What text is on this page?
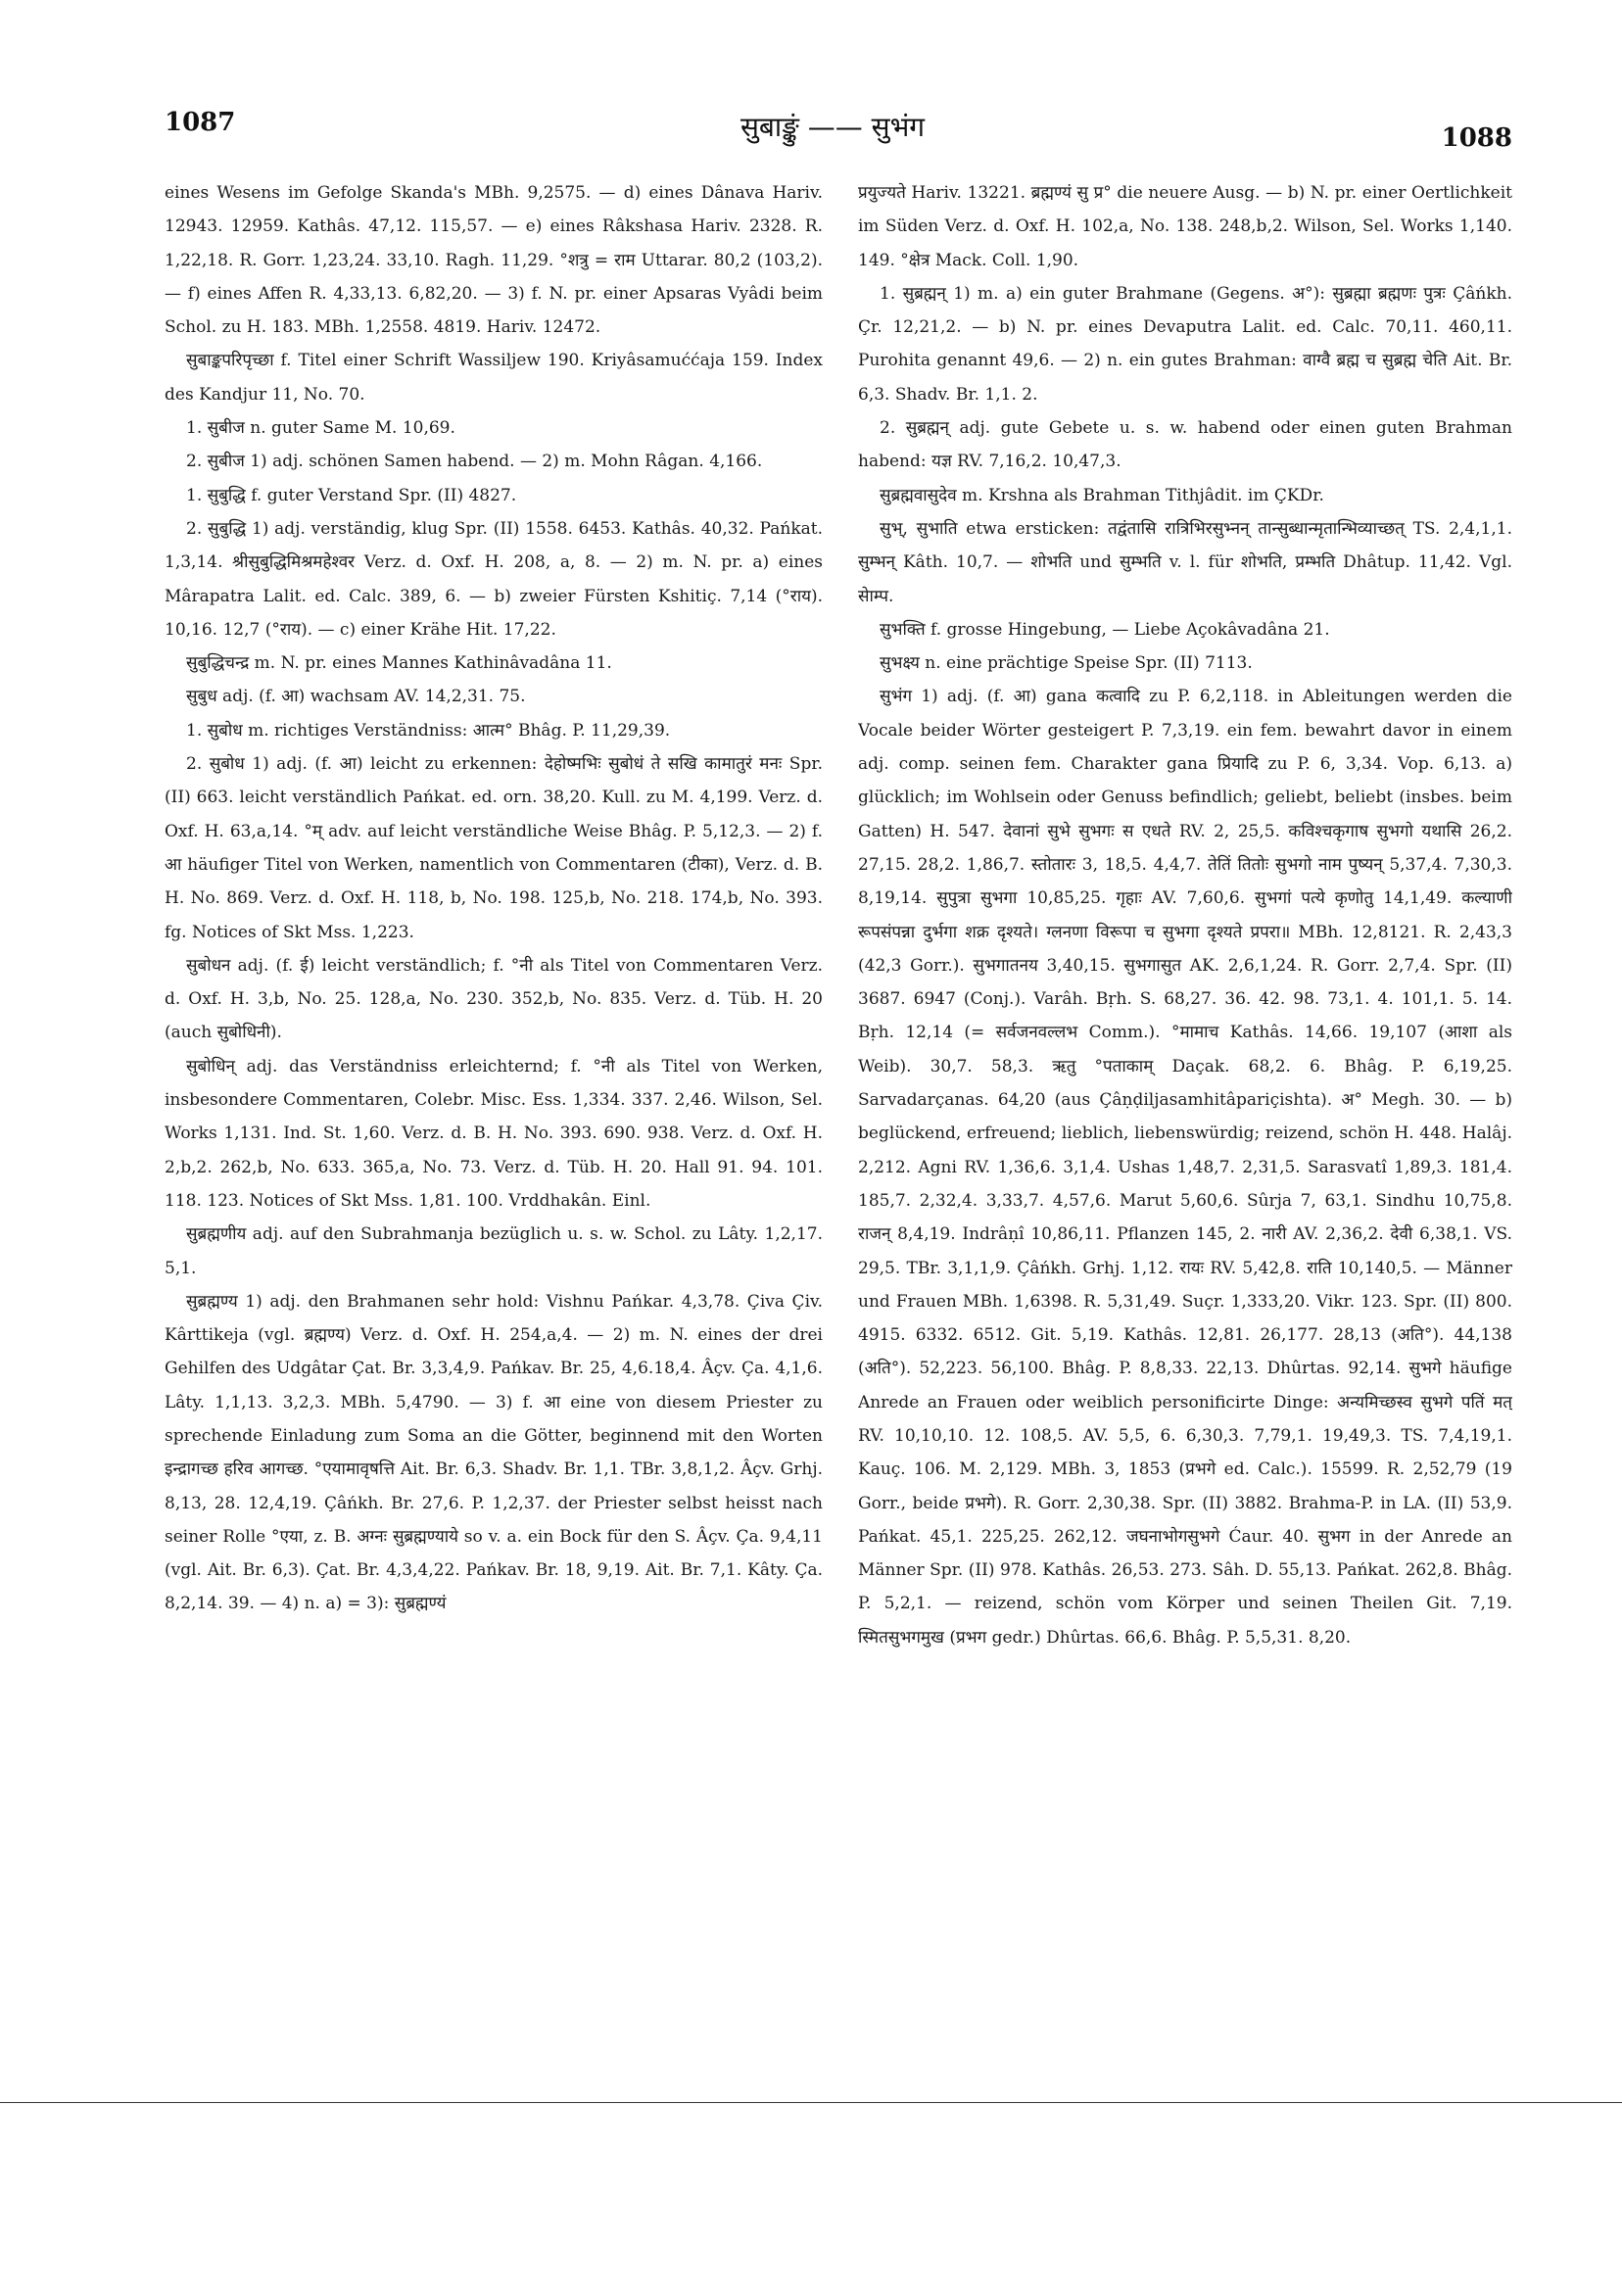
1087	सुबाङ्कुं —— सुभंग	1088

eines Wesens im Gefolge Skanda's MBh. 9,2575. — d) eines Dânava Hariv. 12943. 12959. Kathâs. 47,12. 115,57. — e) eines Râkshasa Hariv. 2328. R. 1,22,18. R. Gorr. 1,23,24. 33,10. Ragh. 11,29. °शत्रु = राम Uttarar. 80,2 (103,2). — f) eines Affen R. 4,33,13. 6,82,20. — 3) f. N. pr. einer Apsaras Vyâdi beim Schol. zu H. 183. MBh. 1,2558. 4819. Hariv. 12472.

सुबाङ्कपरिपृच्छा f. Titel einer Schrift Wassiljew 190. Kriyâsamuććaja 159. Index des Kandjur 11, No. 70.

1. सुबीज n. guter Same M. 10,69.

2. सुबीज 1) adj. schönen Samen habend. — 2) m. Mohn Râgan. 4,166.

1. सुबुद्धि f. guter Verstand Spr. (II) 4827.

2. सुबुद्धि 1) adj. verständig, klug Spr. (II) 1558. 6453. Kathâs. 40,32. Pańkat. 1,3,14. श्रीसुबुद्धिमिश्रमहेश्वर Verz. d. Oxf. H. 208, a, 8. — 2) m. N. pr. a) eines Mârapatra Lalit. ed. Calc. 389, 6. — b) zweier Fürsten Kshitiç. 7,14 (°राय). 10,16. 12,7 (°राय). — c) einer Krähe Hit. 17,22.

सुबुद्धिचन्द्र m. N. pr. eines Mannes Kathinâvadâna 11.

सुबुध adj. (f. आ) wachsam AV. 14,2,31. 75.

1. सुबोध m. richtiges Verständniss: आत्म° Bhâg. P. 11,29,39.

2. सुबोध 1) adj. (f. आ) leicht zu erkennen: देहोष्मभिः सुबोधं ते सखि कामातुरं मनः Spr. (II) 663. leicht verständlich Pańkat. ed. orn. 38,20. Kull. zu M. 4,199. Verz. d. Oxf. H. 63,a,14. °म् adv. auf leicht verständliche Weise Bhâg. P. 5,12,3. — 2) f. आ häufiger Titel von Werken, namentlich von Commentaren (टीका), Verz. d. B. H. No. 869. Verz. d. Oxf. H. 118, b, No. 198. 125,b, No. 218. 174,b, No. 393. fg. Notices of Skt Mss. 1,223.

सुबोधन adj. (f. ई) leicht verständlich; f. °नी als Titel von Commentaren Verz. d. Oxf. H. 3,b, No. 25. 128,a, No. 230. 352,b, No. 835. Verz. d. Tüb. H. 20 (auch सुबोधिनी).

सुबोधिन् adj. das Verständniss erleichternd; f. °नी als Titel von Werken, insbesondere Commentaren, Colebr. Misc. Ess. 1,334. 337. 2,46. Wilson, Sel. Works 1,131. Ind. St. 1,60. Verz. d. B. H. No. 393. 690. 938. Verz. d. Oxf. H. 2,b,2. 262,b, No. 633. 365,a, No. 73. Verz. d. Tüb. H. 20. Hall 91. 94. 101. 118. 123. Notices of Skt Mss. 1,81. 100. Vrddhakân. Einl.

सुब्रह्मणीय adj. auf den Subrahmanja bezüglich u. s. w. Schol. zu Lâty. 1,2,17. 5,1.

सुब्रह्मण्य 1) adj. den Brahmanen sehr hold: Vishnu Pańkar. 4,3,78. Çiva Çiv. Kârttikeja (vgl. ब्रह्मण्य) Verz. d. Oxf. H. 254,a,4. — 2) m. N. eines der drei Gehilfen des Udgâtar Çat. Br. 3,3,4,9. Pańkav. Br. 25, 4,6.18,4. Âçv. Ça. 4,1,6. Lâty. 1,1,13. 3,2,3. MBh. 5,4790. — 3) f. आ eine von diesem Priester zu sprechende Einladung zum Soma an die Götter, beginnend mit den Worten इन्द्रागच्छ हरिव आगच्छ. °एयामावृषत्ति Ait. Br. 6,3. Shadv. Br. 1,1. TBr. 3,8,1,2. Âçv. Grhj. 8,13, 28. 12,4,19. Çâńkh. Br. 27,6. P. 1,2,37. der Priester selbst heisst nach seiner Rolle °एया, z. B. अग्नः सुब्रह्मण्याये so v. a. ein Bock für den S. Âçv. Ça. 9,4,11 (vgl. Ait. Br. 6,3). Çat. Br. 4,3,4,22. Pańkav. Br. 18, 9,19. Ait. Br. 7,1. Kâty. Ça. 8,2,14. 39. — 4) n. a) = 3): सुब्रह्मण्यं

प्रयुज्यते Hariv. 13221. ब्रह्मण्यं सु प्र° die neuere Ausg. — b) N. pr. einer Oertlichkeit im Süden Verz. d. Oxf. H. 102,a, No. 138. 248,b,2. Wilson, Sel. Works 1,140. 149. °क्षेत्र Mack. Coll. 1,90.

1. सुब्रह्मन् 1) m. a) ein guter Brahmane (Gegens. अ°): सुब्रह्मा ब्रह्मणः पुत्रः Çâńkh. Çr. 12,21,2. — b) N. pr. eines Devaputra Lalit. ed. Calc. 70,11. 460,11. Purohita genannt 49,6. — 2) n. ein gutes Brahman: वाग्वै ब्रह्म च सुब्रह्म चेति Ait. Br. 6,3. Shadv. Br. 1,1. 2.

2. सुब्रह्मन् adj. gute Gebete u. s. w. habend oder einen guten Brahman habend: यज्ञ RV. 7,16,2. 10,47,3.

सुब्रह्मवासुदेव m. Krshna als Brahman Tithjâdit. im ÇKDr.

सुभ्, सुभाति etwa ersticken: तद्वंतासि रात्रिभिरसुभ्नन् तान्सुब्धान्मृतान्भिव्याच्छत् TS. 2,4,1,1. सुम्भन् Kâth. 10,7. — शोभति und सुम्भति v. l. für शोभति, प्रम्भति Dhâtup. 11,42. Vgl. सेाम्प.

सुभक्ति f. grosse Hingebung, — Liebe Açokâvadâna 21.

सुभक्ष्य n. eine prächtige Speise Spr. (II) 7113.

सुभंग 1) adj. (f. आ) gana कत्वादि zu P. 6,2,118. in Ableitungen werden die Vocale beider Wörter gesteigert P. 7,3,19. ein fem. bewahrt davor in einem adj. comp. seinen fem. Charakter gana प्रियादि zu P. 6, 3,34. Vop. 6,13. a) glücklich; im Wohlsein oder Genuss befindlich; geliebt, beliebt (insbes. beim Gatten) H. 547. देवानां सुभे सुभगः स एधते RV. 2, 25,5. कविश्चकृगाष सुभगो यथासि 26,2. 27,15. 28,2. 1,86,7. स्तोतारः 3, 18,5. 4,4,7. तेतिं तितोः सुभगो नाम पुष्यन् 5,37,4. 7,30,3. 8,19,14. सुपुत्रा सुभगा 10,85,25. गृहाः AV. 7,60,6. सुभगां पत्ये कृणोतु 14,1,49. कल्याणी रूपसंपन्ना दुर्भगा शक्र दृश्यते। ग्लनणा विरूपा च सुभगा दृश्यते प्रपरा॥ MBh. 12,8121. R. 2,43,3 (42,3 Gorr.). सुभगातनय 3,40,15. सुभगासुत AK. 2,6,1,24. R. Gorr. 2,7,4. Spr. (II) 3687. 6947 (Conj.). Varâh. Bṛh. S. 68,27. 36. 42. 98. 73,1. 4. 101,1. 5. 14. Bṛh. 12,14 (= सर्वजनवल्लभ Comm.). °मामाच Kathâs. 14,66. 19,107 (आशा als Weib). 30,7. 58,3. ऋतु °पताकाम् Daçak. 68,2. 6. Bhâg. P. 6,19,25. Sarvadarçanas. 64,20 (aus Çâṇḍiljasamhitâpariçishta). अ° Megh. 30. — b) beglückend, erfreuend; lieblich, liebenswürdig; reizend, schön H. 448. Halâj. 2,212. Agni RV. 1,36,6. 3,1,4. Ushas 1,48,7. 2,31,5. Sarasvatî 1,89,3. 181,4. 185,7. 2,32,4. 3,33,7. 4,57,6. Marut 5,60,6. Sûrja 7, 63,1. Sindhu 10,75,8. राजन् 8,4,19. Indrâṇî 10,86,11. Pflanzen 145, 2. नारी AV. 2,36,2. देवी 6,38,1. VS. 29,5. TBr. 3,1,1,9. Çâńkh. Grhj. 1,12. रायः RV. 5,42,8. राति 10,140,5. — Männer und Frauen MBh. 1,6398. R. 5,31,49. Suçr. 1,333,20. Vikr. 123. Spr. (II) 800. 4915. 6332. 6512. Git. 5,19. Kathâs. 12,81. 26,177. 28,13 (अति°). 44,138 (अति°). 52,223. 56,100. Bhâg. P. 8,8,33. 22,13. Dhûrtas. 92,14. सुभगे häufige Anrede an Frauen oder weiblich personificirte Dinge: अन्यमिच्छस्व सुभगे पतिं मत् RV. 10,10,10. 12. 108,5. AV. 5,5, 6. 6,30,3. 7,79,1. 19,49,3. TS. 7,4,19,1. Kauç. 106. M. 2,129. MBh. 3, 1853 (प्रभगे ed. Calc.). 15599. R. 2,52,79 (19 Gorr., beide प्रभगे). R. Gorr. 2,30,38. Spr. (II) 3882. Brahma-P. in LA. (II) 53,9. Pańkat. 45,1. 225,25. 262,12. जघनाभोगसुभगे Ćaur. 40. सुभग in der Anrede an Männer Spr. (II) 978. Kathâs. 26,53. 273. Sâh. D. 55,13. Pańkat. 262,8. Bhâg. P. 5,2,1. — reizend, schön vom Körper und seinen Theilen Git. 7,19. स्मितसुभगमुख (प्रभग gedr.) Dhûrtas. 66,6. Bhâg. P. 5,5,31. 8,20.
